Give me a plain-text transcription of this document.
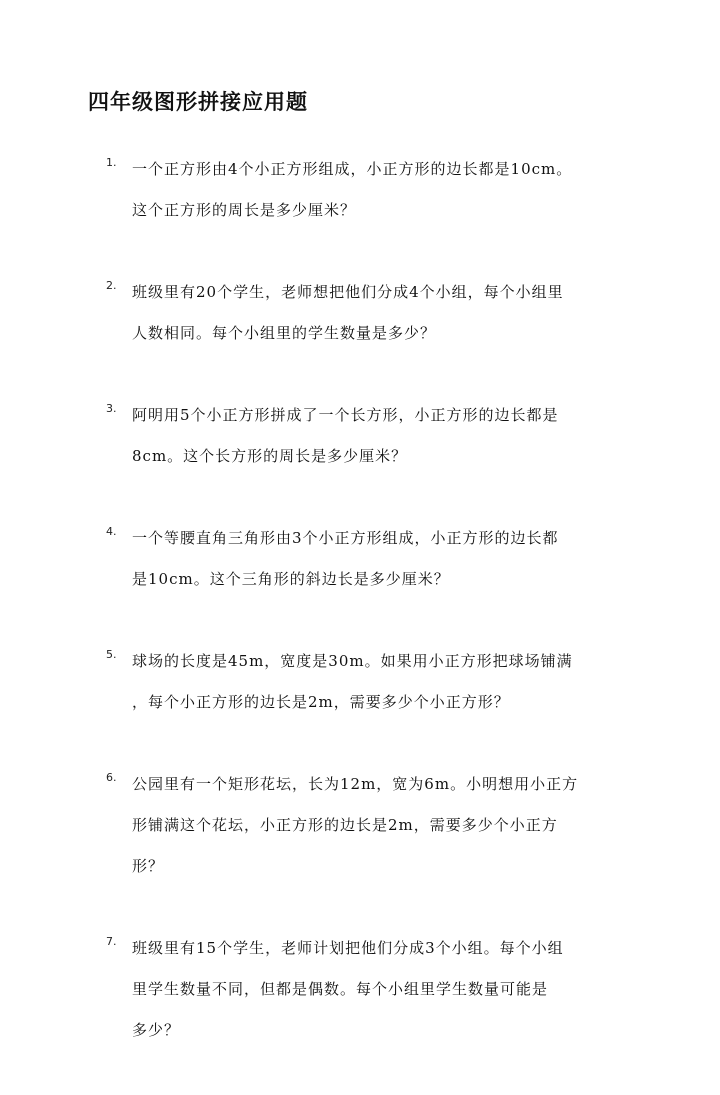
四年级图形拼接应用题
1. 一个正方形由4个小正方形组成，小正方形的边长都是10cm。
这个正方形的周长是多少厘米？
2. 班级里有20个学生，老师想把他们分成4个小组，每个小组里
人数相同。每个小组里的学生数量是多少？
3. 阿明用5个小正方形拼成了一个长方形，小正方形的边长都是
8cm。这个长方形的周长是多少厘米？
4. 一个等腰直角三角形由3个小正方形组成，小正方形的边长都
是10cm。这个三角形的斜边长是多少厘米？
5. 球场的长度是45m，宽度是30m。如果用小正方形把球场铺满
，每个小正方形的边长是2m，需要多少个小正方形？
6. 公园里有一个矩形花坛，长为12m，宽为6m。小明想用小正方
形铺满这个花坛，小正方形的边长是2m，需要多少个小正方
形？
7. 班级里有15个学生，老师计划把他们分成3个小组。每个小组
里学生数量不同，但都是偶数。每个小组里学生数量可能是
多少？
